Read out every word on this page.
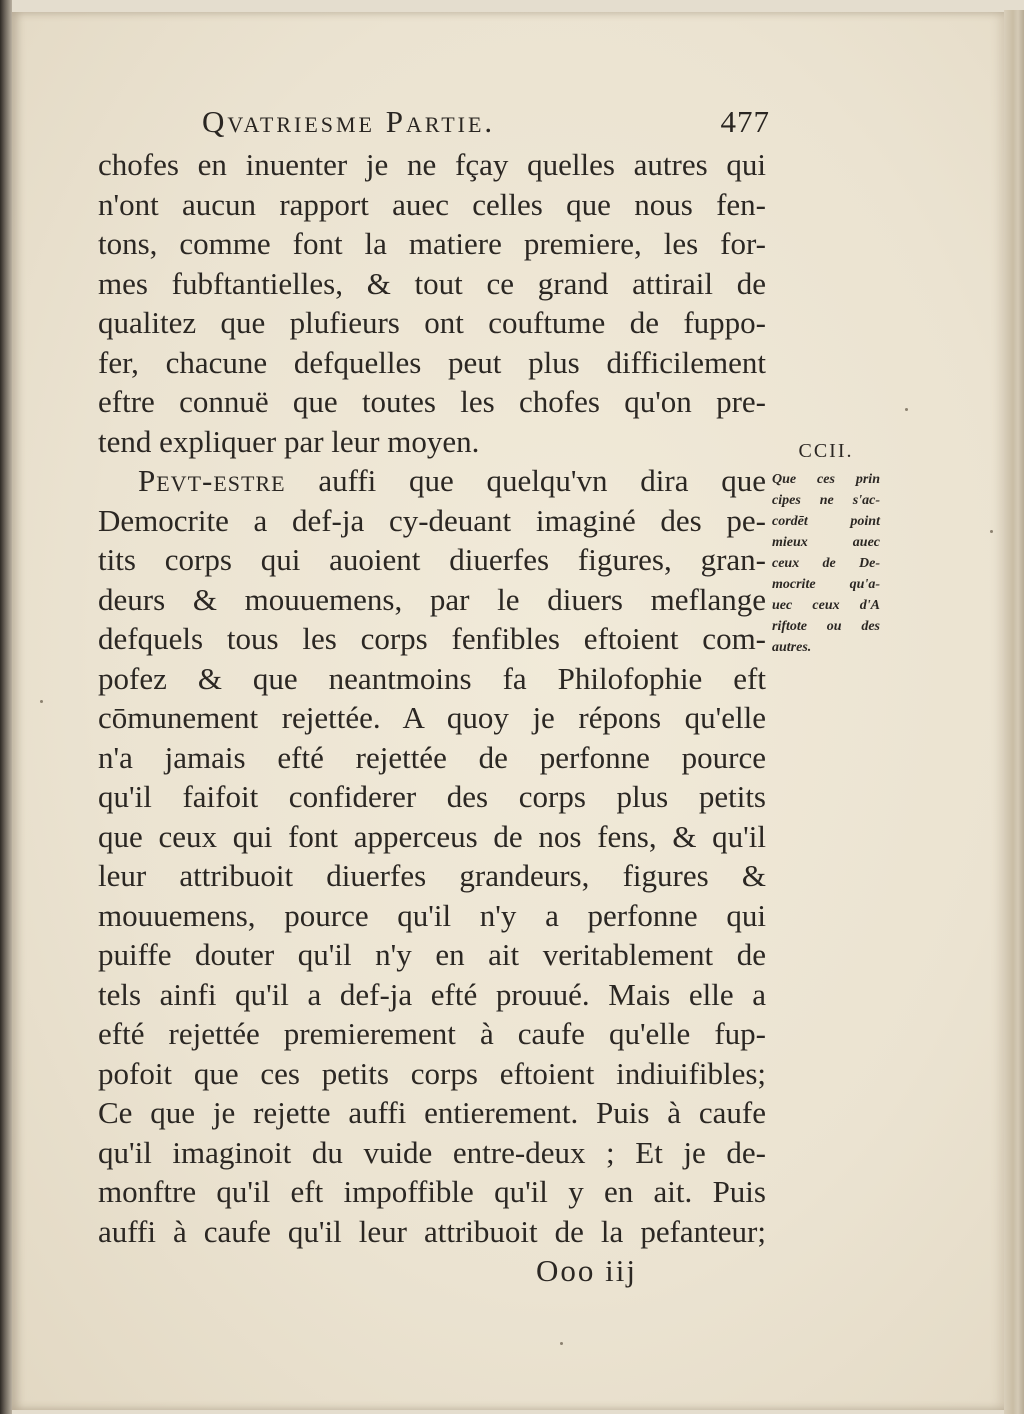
Qvatriesme Partie.	477
chofes en inuenter je ne fçay quelles autres qui
n'ont aucun rapport auec celles que nous fen-
tons, comme font la matiere premiere, les for-
mes fubftantielles, & tout ce grand attirail de
qualitez que plufieurs ont couftume de fuppo-
fer, chacune defquelles peut plus difficilement
eftre connuë que toutes les chofes qu'on pre-
tend expliquer par leur moyen.
Pevt-estre auffi que quelqu'vn dira que
Democrite a def-ja cy-deuant imaginé des pe-
tits corps qui auoient diuerfes figures, gran-
deurs & mouuemens, par le diuers meflange
defquels tous les corps fenfibles eftoient com-
pofez & que neantmoins fa Philofophie eft
cōmunement rejettée. A quoy je répons qu'elle
n'a jamais efté rejettée de perfonne pource
qu'il faifoit confiderer des corps plus petits
que ceux qui font apperceus de nos fens, & qu'il
leur attribuoit diuerfes grandeurs, figures &
mouuemens, pource qu'il n'y a perfonne qui
puiffe douter qu'il n'y en ait veritablement de
tels ainfi qu'il a def-ja efté prouué. Mais elle a
efté rejettée premierement à caufe qu'elle fup-
pofoit que ces petits corps eftoient indiuifibles;
Ce que je rejette auffi entierement. Puis à caufe
qu'il imaginoit du vuide entre-deux ; Et je de-
monftre qu'il eft impoffible qu'il y en ait. Puis
auffi à caufe qu'il leur attribuoit de la pefanteur;
Ooo iij
CCII.
Que ces prin
cipes ne s'ac-
cordēt point
mieux auec
ceux de De-
mocrite qu'a-
uec ceux d'A
riftote ou des
autres.
